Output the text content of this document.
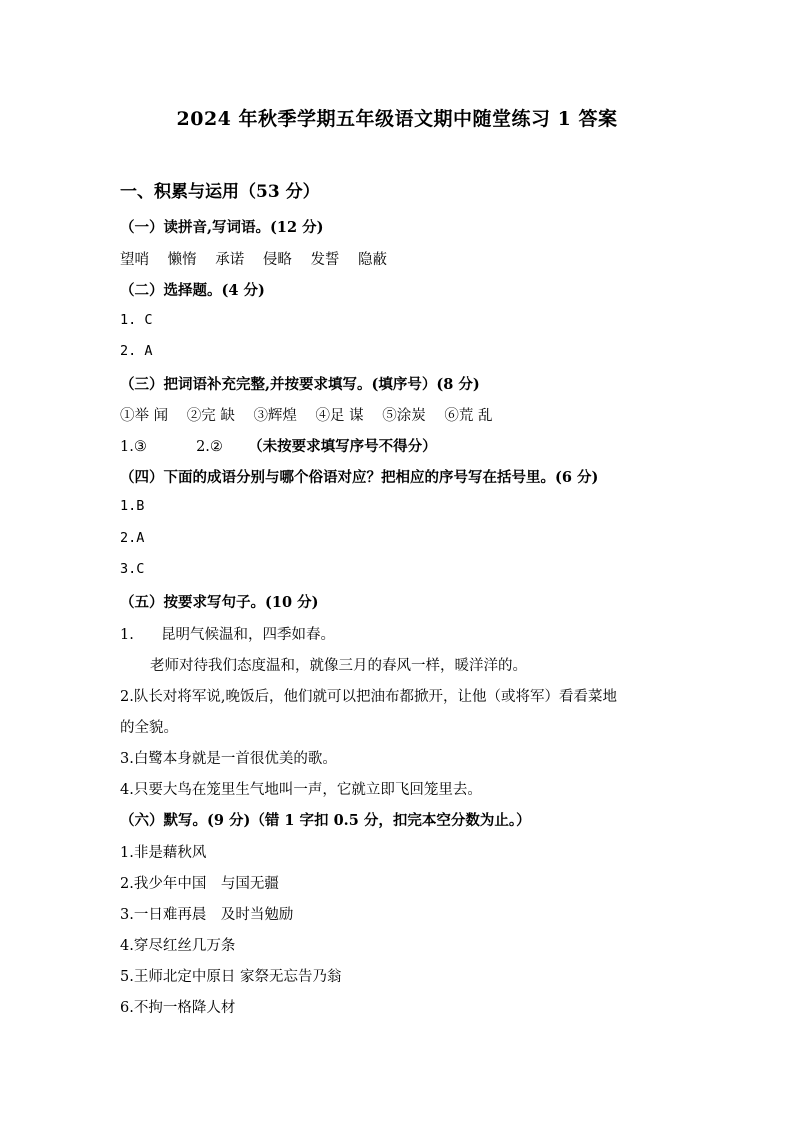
2024 年秋季学期五年级语文期中随堂练习 1 答案
一、积累与运用（53 分）
（一）读拼音,写词语。(12 分)
望哨 懒惰 承诺 侵略 发誓 隐蔽
（二）选择题。(4 分)
1. C
2. A
（三）把词语补充完整,并按要求填写。(填序号）(8 分)
①举 闻 ②完 缺 ③辉煌 ④足 谋 ⑤涂炭 ⑥荒 乱
1.③	2.② （未按要求填写序号不得分）
（四）下面的成语分别与哪个俗语对应？把相应的序号写在括号里。(6 分)
1.B
2.A
3.C
（五）按要求写句子。(10 分)
1. 昆明气候温和，四季如春。
老师对待我们态度温和，就像三月的春风一样，暖洋洋的。
2.队长对将军说,晚饭后，他们就可以把油布都掀开，让他（或将军）看看菜地
的全貌。
3.白鹭本身就是一首很优美的歌。
4.只要大鸟在笼里生气地叫一声，它就立即飞回笼里去。
（六）默写。(9 分)（错 1 字扣 0.5 分，扣完本空分数为止。）
1.非是藉秋风
2.我少年中国　与国无疆
3.一日难再晨　及时当勉励
4.穿尽红丝几万条
5.王师北定中原日 家祭无忘告乃翁
6.不拘一格降人材
